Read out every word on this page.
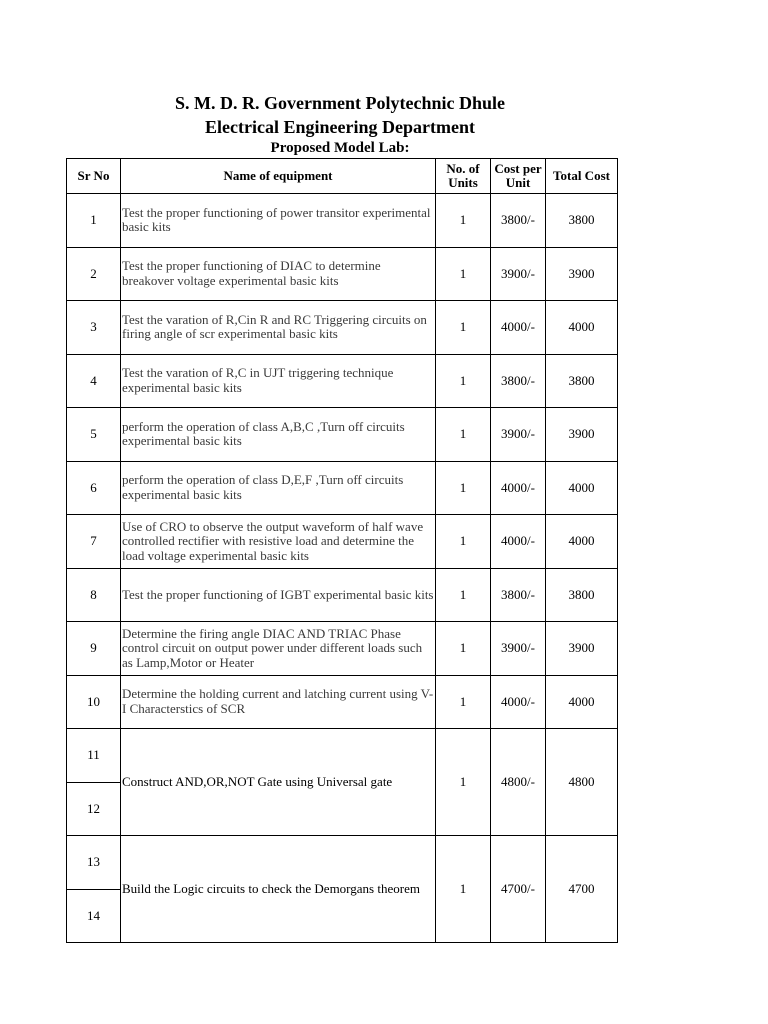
S. M. D. R. Government Polytechnic Dhule
Electrical Engineering Department
Proposed Model Lab:
Sr No	Name of equipment	No. of Units	Cost per Unit	Total Cost
1	Test the proper functioning of power transitor experimental basic kits	1	3800/-	3800
2	Test the proper functioning of DIAC to determine breakover voltage experimental basic kits	1	3900/-	3900
3	Test the varation of R,Cin R and RC Triggering circuits on firing angle of scr experimental basic kits	1	4000/-	4000
4	Test the varation of R,C in UJT triggering technique experimental basic kits	1	3800/-	3800
5	perform the operation of class A,B,C ,Turn off circuits experimental basic kits	1	3900/-	3900
6	perform the operation of class D,E,F ,Turn off circuits experimental basic kits	1	4000/-	4000
7	Use of CRO to observe the output waveform of half wave controlled rectifier with resistive load and determine the load voltage experimental basic kits	1	4000/-	4000
8	Test the proper functioning of IGBT experimental basic kits	1	3800/-	3800
9	Determine the firing angle DIAC AND TRIAC Phase control circuit on output power under different loads such as Lamp,Motor or Heater	1	3900/-	3900
10	Determine the holding current and latching current using V-I Characterstics of SCR	1	4000/-	4000
11	Construct AND,OR,NOT Gate using Universal gate	1	4800/-	4800
12				
13	Build the Logic circuits to check the Demorgans theorem	1	4700/-	4700
14				
